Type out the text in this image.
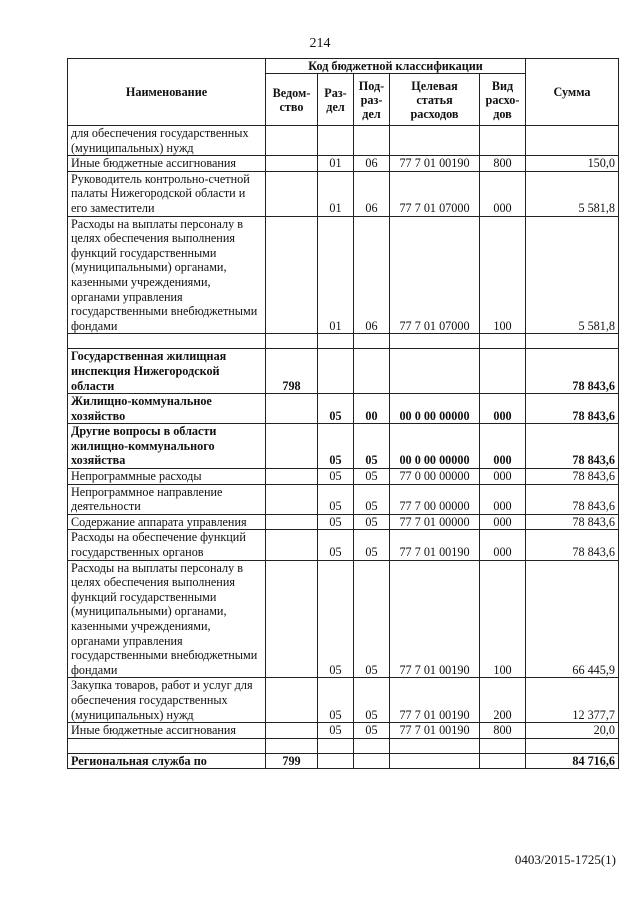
214
Наименование	Код бюджетной классификации					Сумма
	Ведом-ство	Раз-дел	Под-раз-дел	Целевая статья расходов	Вид расхо-дов	
для обеспечения государственных (муниципальных) нужд						
Иные бюджетные ассигнования		01	06	77 7 01 00190	800	150,0
Руководитель контрольно-счетной палаты Нижегородской области и его заместители		01	06	77 7 01 07000	000	5 581,8
Расходы на выплаты персоналу в целях обеспечения выполнения функций государственными (муниципальными) органами, казенными учреждениями, органами управления государственными внебюджетными фондами		01	06	77 7 01 07000	100	5 581,8

Государственная жилищная инспекция Нижегородской области	798					78 843,6
Жилищно-коммунальное хозяйство		05	00	00 0 00 00000	000	78 843,6
Другие вопросы в области жилищно-коммунального хозяйства		05	05	00 0 00 00000	000	78 843,6
Непрограммные расходы		05	05	77 0 00 00000	000	78 843,6
Непрограммное направление деятельности		05	05	77 7 00 00000	000	78 843,6
Содержание аппарата управления		05	05	77 7 01 00000	000	78 843,6
Расходы на обеспечение функций государственных органов		05	05	77 7 01 00190	000	78 843,6
Расходы на выплаты персоналу в целях обеспечения выполнения функций государственными (муниципальными) органами, казенными учреждениями, органами управления государственными внебюджетными фондами		05	05	77 7 01 00190	100	66 445,9
Закупка товаров, работ и услуг для обеспечения государственных (муниципальных) нужд		05	05	77 7 01 00190	200	12 377,7
Иные бюджетные ассигнования		05	05	77 7 01 00190	800	20,0

Региональная служба по	799					84 716,6
0403/2015-1725(1)
